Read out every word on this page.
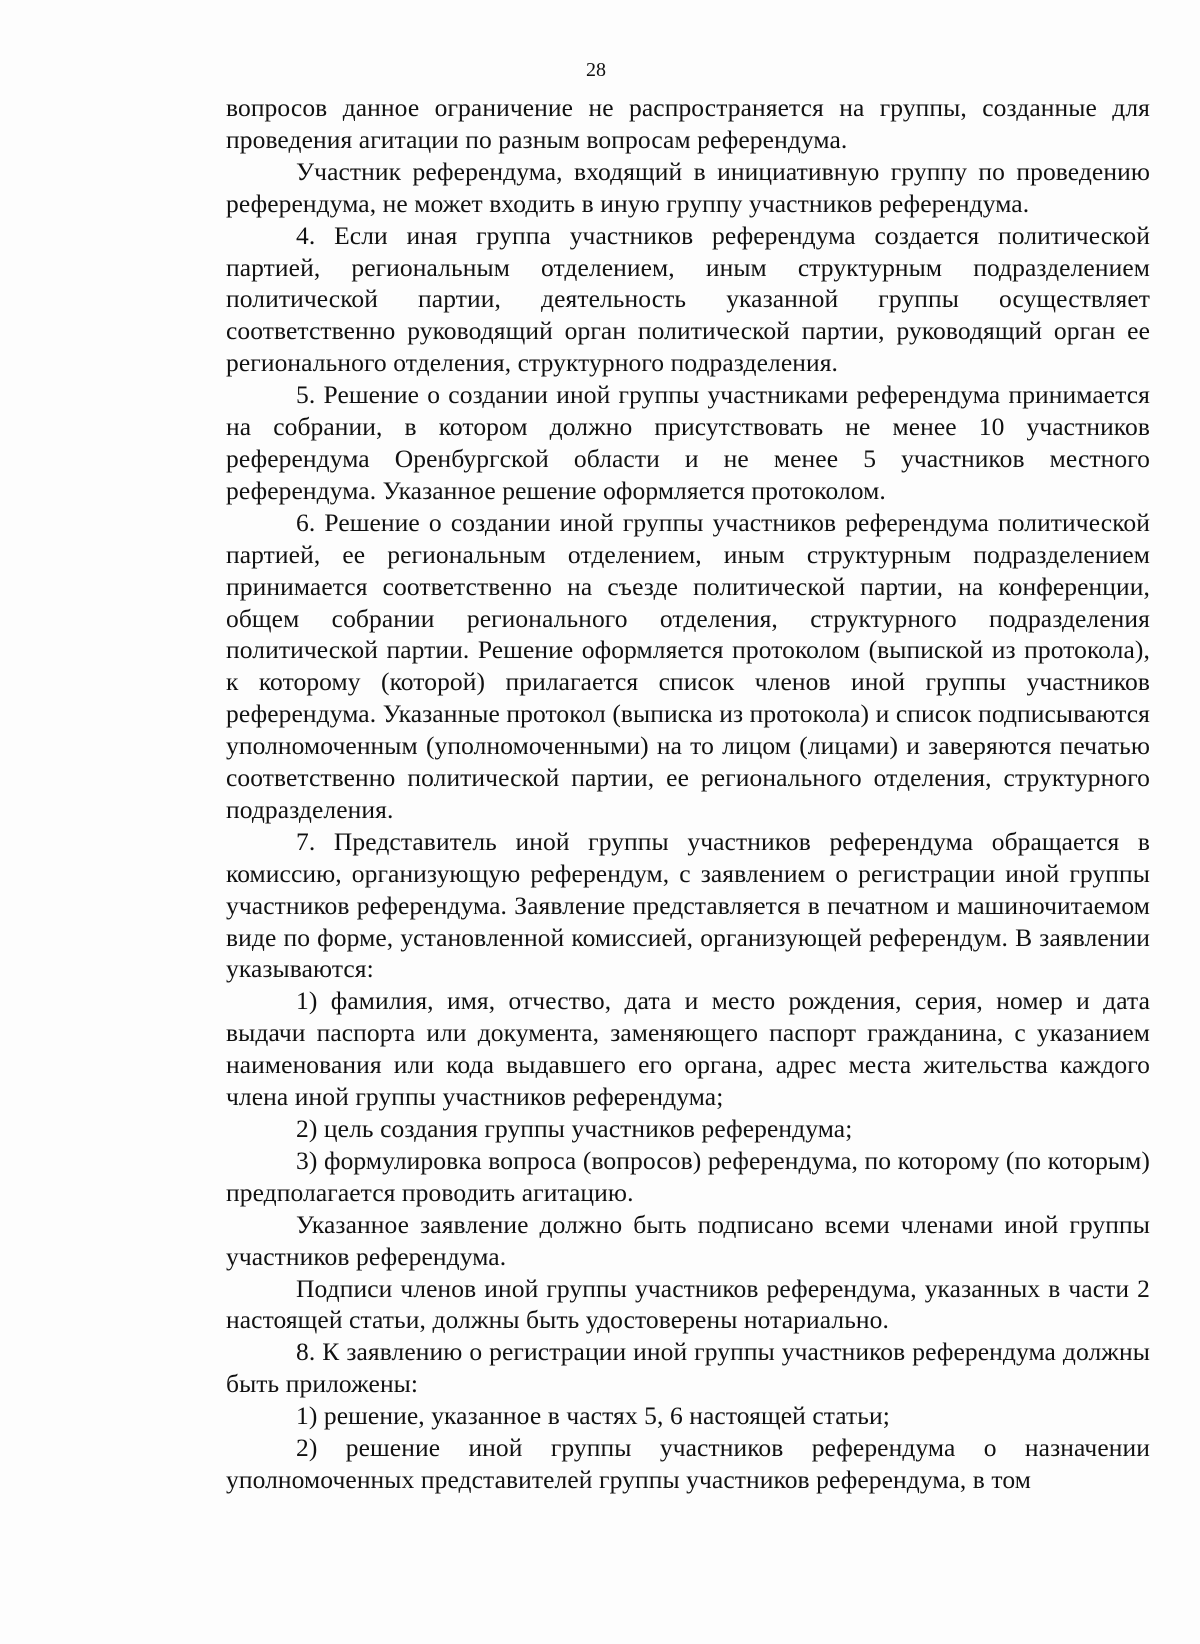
28

вопросов данное ограничение не распространяется на группы, созданные для проведения агитации по разным вопросам референдума.

Участник референдума, входящий в инициативную группу по проведению референдума, не может входить в иную группу участников референдума.

4. Если иная группа участников референдума создается политической партией, региональным отделением, иным структурным подразделением политической партии, деятельность указанной группы осуществляет соответственно руководящий орган политической партии, руководящий орган ее регионального отделения, структурного подразделения.

5. Решение о создании иной группы участниками референдума принимается на собрании, в котором должно присутствовать не менее 10 участников референдума Оренбургской области и не менее 5 участников местного референдума. Указанное решение оформляется протоколом.

6. Решение о создании иной группы участников референдума политической партией, ее региональным отделением, иным структурным подразделением принимается соответственно на съезде политической партии, на конференции, общем собрании регионального отделения, структурного подразделения политической партии. Решение оформляется протоколом (выпиской из протокола), к которому (которой) прилагается список членов иной группы участников референдума. Указанные протокол (выписка из протокола) и список подписываются уполномоченным (уполномоченными) на то лицом (лицами) и заверяются печатью соответственно политической партии, ее регионального отделения, структурного подразделения.

7. Представитель иной группы участников референдума обращается в комиссию, организующую референдум, с заявлением о регистрации иной группы участников референдума. Заявление представляется в печатном и машиночитаемом виде по форме, установленной комиссией, организующей референдум. В заявлении указываются:

1) фамилия, имя, отчество, дата и место рождения, серия, номер и дата выдачи паспорта или документа, заменяющего паспорт гражданина, с указанием наименования или кода выдавшего его органа, адрес места жительства каждого члена иной группы участников референдума;

2) цель создания группы участников референдума;

3) формулировка вопроса (вопросов) референдума, по которому (по которым) предполагается проводить агитацию.

Указанное заявление должно быть подписано всеми членами иной группы участников референдума.

Подписи членов иной группы участников референдума, указанных в части 2 настоящей статьи, должны быть удостоверены нотариально.

8. К заявлению о регистрации иной группы участников референдума должны быть приложены:

1) решение, указанное в частях 5, 6 настоящей статьи;

2) решение иной группы участников референдума о назначении уполномоченных представителей группы участников референдума, в том
